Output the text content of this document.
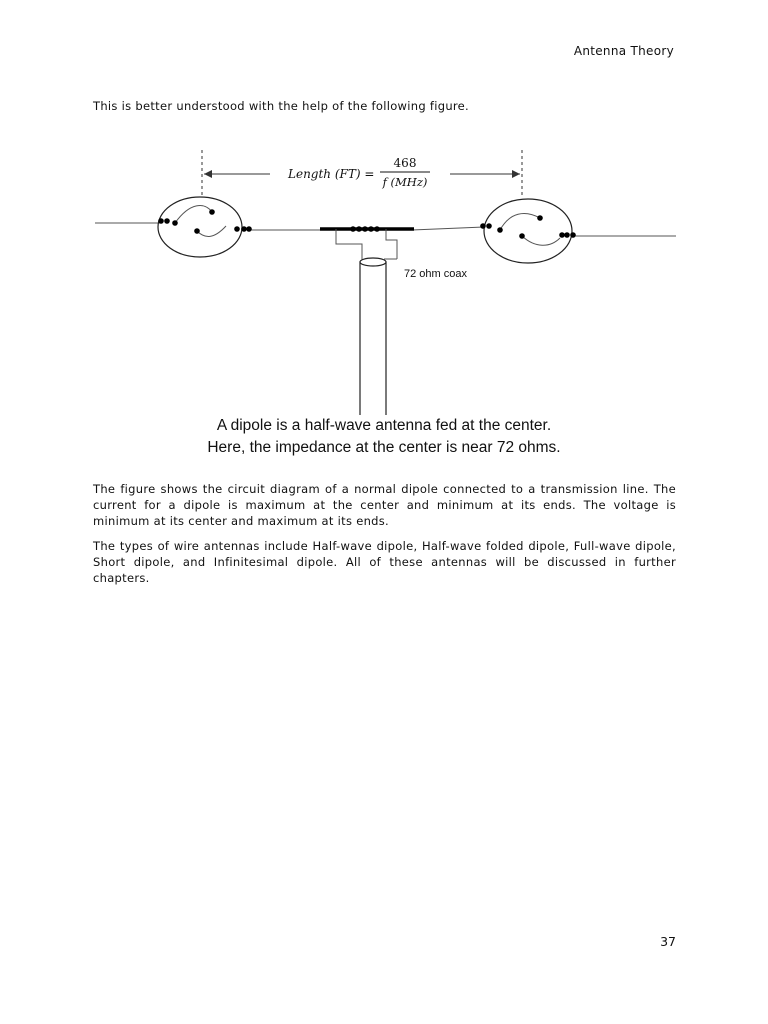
Antenna Theory
This is better understood with the help of the following figure.
Length (FT) =
468
f (MHz)
72 ohm coax
A dipole is a half-wave antenna fed at the center.
Here, the impedance at the center is near 72 ohms.
The figure shows the circuit diagram of a normal dipole connected to a transmission line. The current for a dipole is maximum at the center and minimum at its ends. The voltage is minimum at its center and maximum at its ends.
The types of wire antennas include Half-wave dipole, Half-wave folded dipole, Full-wave dipole, Short dipole, and Infinitesimal dipole. All of these antennas will be discussed in further chapters.
37
